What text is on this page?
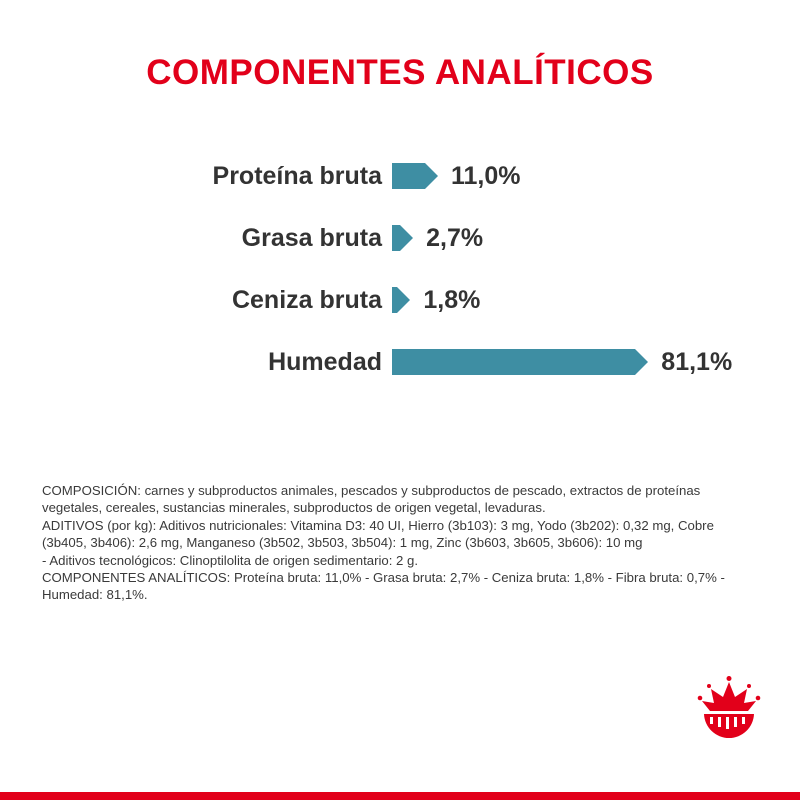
COMPONENTES ANALÍTICOS
Proteína bruta	11,0%
Grasa bruta	2,7%
Ceniza bruta	1,8%
Humedad	81,1%

COMPOSICIÓN: carnes y subproductos animales, pescados y subproductos de pescado, extractos de proteínas vegetales, cereales, sustancias minerales, subproductos de origen vegetal, levaduras.

ADITIVOS (por kg): Aditivos nutricionales: Vitamina D3: 40 UI, Hierro (3b103): 3 mg, Yodo (3b202): 0,32 mg, Cobre (3b405, 3b406): 2,6 mg, Manganeso (3b502, 3b503, 3b504): 1 mg, Zinc (3b603, 3b605, 3b606): 10 mg

- Aditivos tecnológicos: Clinoptilolita de origen sedimentario: 2 g.

COMPONENTES ANALÍTICOS: Proteína bruta: 11,0% - Grasa bruta: 2,7% - Ceniza bruta: 1,8% - Fibra bruta: 0,7% - Humedad: 81,1%.
